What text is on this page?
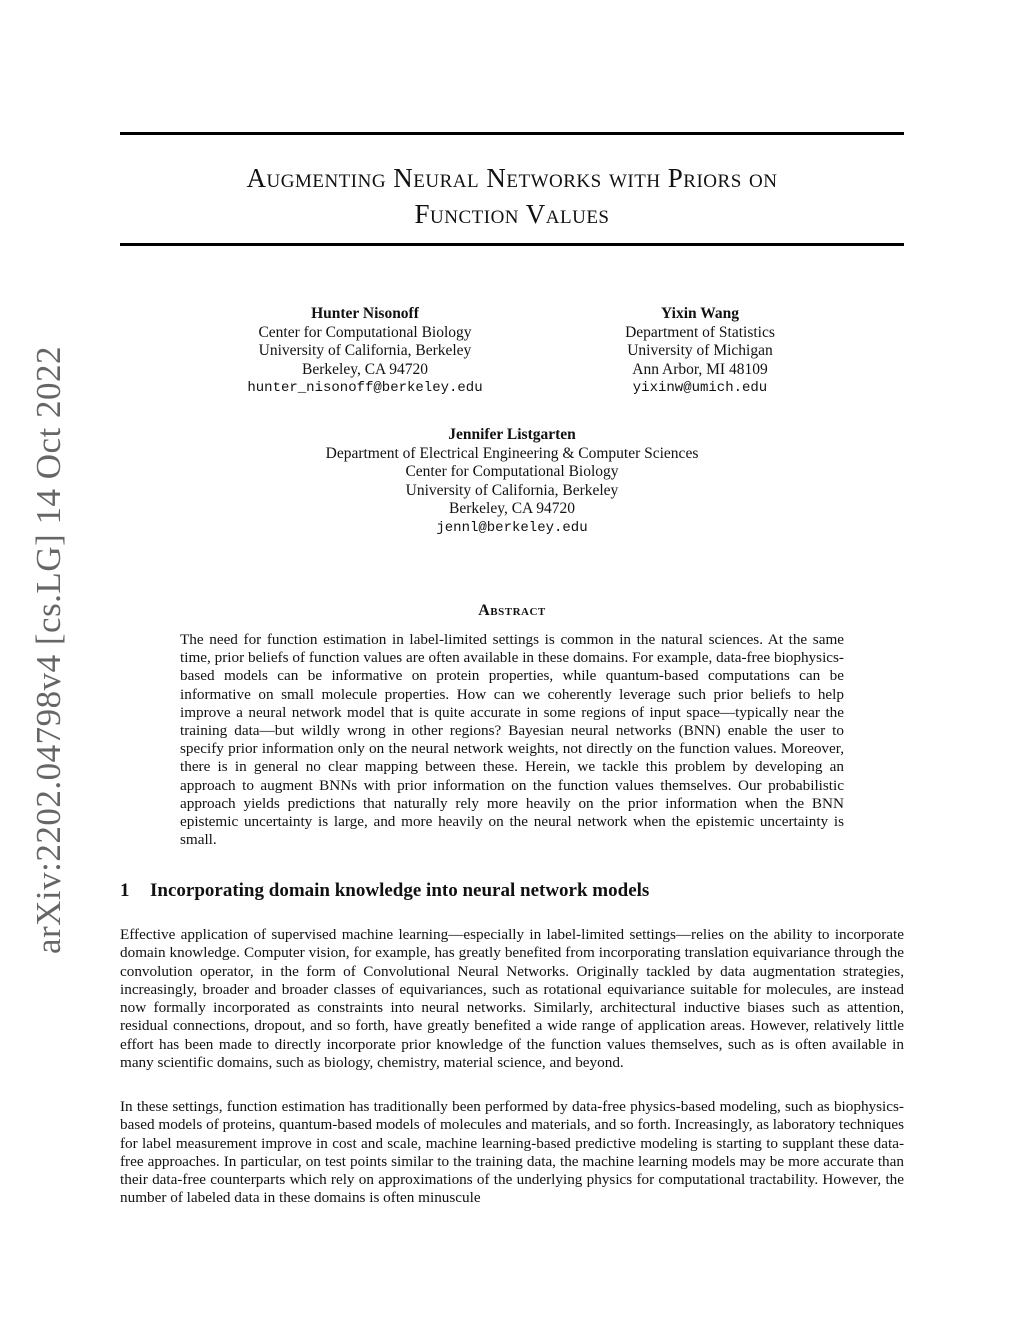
arXiv:2202.04798v4 [cs.LG] 14 Oct 2022
Augmenting Neural Networks with Priors on
Function Values
Hunter Nisonoff
Center for Computational Biology
University of California, Berkeley
Berkeley, CA 94720
hunter_nisonoff@berkeley.edu
Yixin Wang
Department of Statistics
University of Michigan
Ann Arbor, MI 48109
yixinw@umich.edu
Jennifer Listgarten
Department of Electrical Engineering & Computer Sciences
Center for Computational Biology
University of California, Berkeley
Berkeley, CA 94720
jennl@berkeley.edu
Abstract
The need for function estimation in label-limited settings is common in the natural sciences. At the same time, prior beliefs of function values are often available in these domains. For example, data-free biophysics-based models can be informative on protein properties, while quantum-based computations can be informative on small molecule properties. How can we coherently leverage such prior beliefs to help improve a neural network model that is quite accurate in some regions of input space—typically near the training data—but wildly wrong in other regions? Bayesian neural networks (BNN) enable the user to specify prior information only on the neural network weights, not directly on the function values. Moreover, there is in general no clear mapping between these. Herein, we tackle this problem by developing an approach to augment BNNs with prior information on the function values themselves. Our probabilistic approach yields predictions that naturally rely more heavily on the prior information when the BNN epistemic uncertainty is large, and more heavily on the neural network when the epistemic uncertainty is small.
1 Incorporating domain knowledge into neural network models
Effective application of supervised machine learning—especially in label-limited settings—relies on the ability to incorporate domain knowledge. Computer vision, for example, has greatly benefited from incorporating translation equivariance through the convolution operator, in the form of Convolutional Neural Networks. Originally tackled by data augmentation strategies, increasingly, broader and broader classes of equivariances, such as rotational equivariance suitable for molecules, are instead now formally incorporated as constraints into neural networks. Similarly, architectural inductive biases such as attention, residual connections, dropout, and so forth, have greatly benefited a wide range of application areas. However, relatively little effort has been made to directly incorporate prior knowledge of the function values themselves, such as is often available in many scientific domains, such as biology, chemistry, material science, and beyond.
In these settings, function estimation has traditionally been performed by data-free physics-based modeling, such as biophysics-based models of proteins, quantum-based models of molecules and materials, and so forth. Increasingly, as laboratory techniques for label measurement improve in cost and scale, machine learning-based predictive modeling is starting to supplant these data-free approaches. In particular, on test points similar to the training data, the machine learning models may be more accurate than their data-free counterparts which rely on approximations of the underlying physics for computational tractability. However, the number of labeled data in these domains is often minuscule
